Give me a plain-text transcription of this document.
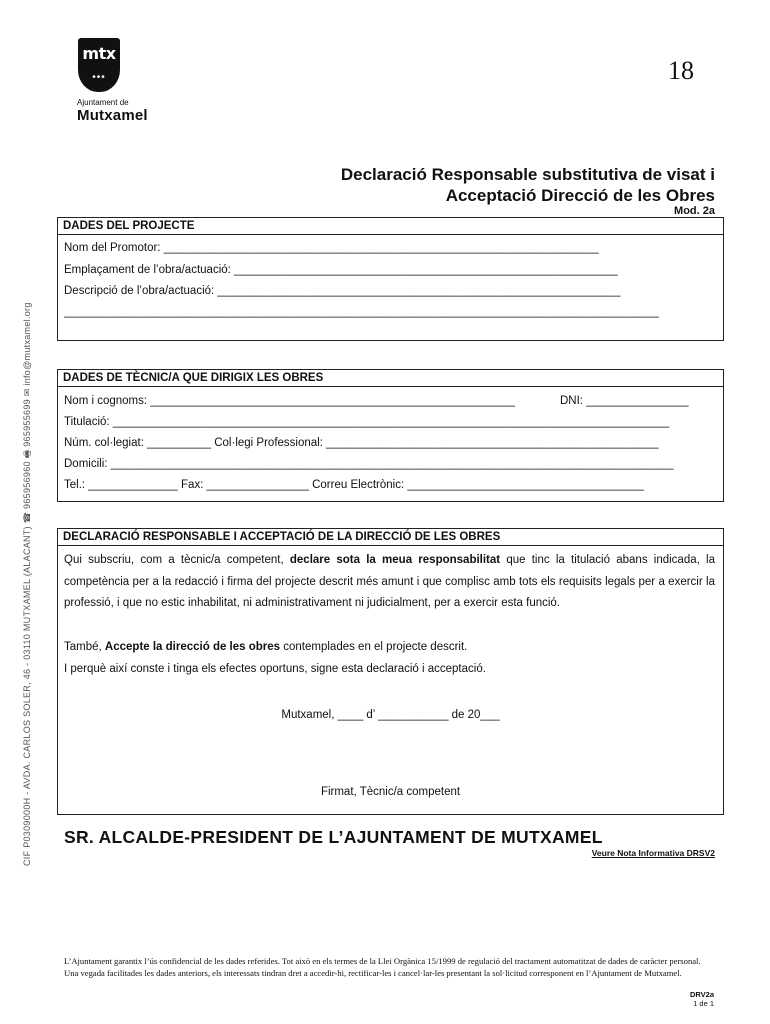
mtx
•••
Ajuntament de
Mutxamel
18
Declaració Responsable substitutiva de visat i
Acceptació Direcció de les Obres
Mod. 2a
CIF P0309000H - AVDA. CARLOS SOLER, 46 - 03110 MUTXAMEL (ALACANT) ☎ 965956960 🖷 965955699 ✉ info@mutxamel.org
DADES DEL PROJECTE
Nom del Promotor: ____________________________________________________________________
Emplaçament de l’obra/actuació: ____________________________________________________________
Descripció de l’obra/actuació: _______________________________________________________________
_____________________________________________________________________________________________
DADES DE TÈCNIC/A QUE DIRIGIX LES OBRES
Nom i cognoms: _________________________________________________________	DNI: ________________
Titulació: _______________________________________________________________________________________
Núm. col·legiat: __________ Col·legi Professional: ____________________________________________________
Domicili: ________________________________________________________________________________________
Tel.: ______________ Fax: ________________ Correu Electrònic: _____________________________________
DECLARACIÓ RESPONSABLE I ACCEPTACIÓ DE LA DIRECCIÓ DE LES OBRES
Qui subscriu, com a tècnic/a competent, declare sota la meua responsabilitat que tinc la titulació abans indicada, la competència per a la redacció i firma del projecte descrit més amunt i que complisc amb tots els requisits legals per a exercir la professió, i que no estic inhabilitat, ni administrativament ni judicialment, per a exercir esta funció.
També, Accepte la direcció de les obres contemplades en el projecte descrit.
I perquè així conste i tinga els efectes oportuns, signe esta declaració i acceptació.
Mutxamel, ____ d’ ___________ de 20___
Firmat, Tècnic/a competent
SR. ALCALDE-PRESIDENT DE L’AJUNTAMENT DE MUTXAMEL
Veure Nota Informativa DRSV2
L’Ajuntament garantix l’ús confidencial de les dades referides. Tot això en els termes de la Llei Orgànica 15/1999 de regulació del tractament automatitzat de dades de caràcter personal. Una vegada facilitades les dades anteriors, els interessats tindran dret a accedir-hi, rectificar-les i cancel·lar-les presentant la sol·licitud corresponent en l’Ajuntament de Mutxamel.
DRV2a
1 de 1
